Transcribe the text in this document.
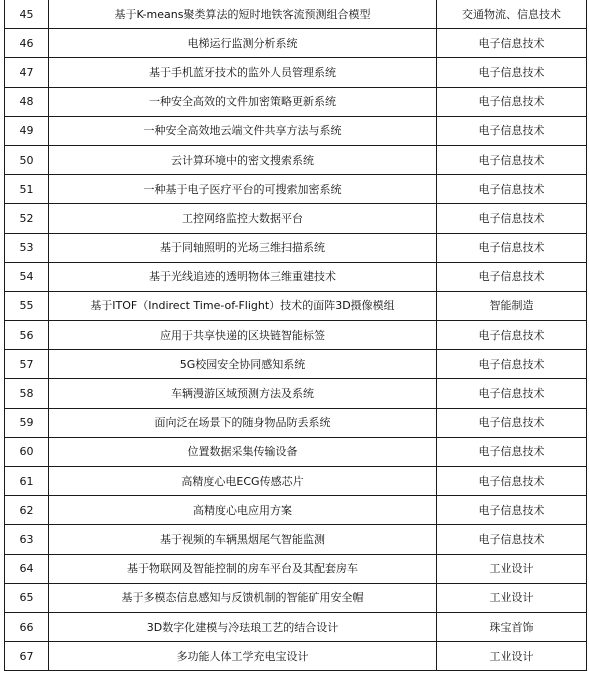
45	基于K-means聚类算法的短时地铁客流预测组合模型	交通物流、信息技术
46	电梯运行监测分析系统	电子信息技术
47	基于手机蓝牙技术的监外人员管理系统	电子信息技术
48	一种安全高效的文件加密策略更新系统	电子信息技术
49	一种安全高效地云端文件共享方法与系统	电子信息技术
50	云计算环境中的密文搜索系统	电子信息技术
51	一种基于电子医疗平台的可搜索加密系统	电子信息技术
52	工控网络监控大数据平台	电子信息技术
53	基于同轴照明的光场三维扫描系统	电子信息技术
54	基于光线追迹的透明物体三维重建技术	电子信息技术
55	基于ITOF（Indirect Time-of-Flight）技术的面阵3D摄像模组	智能制造
56	应用于共享快递的区块链智能标签	电子信息技术
57	5G校园安全协同感知系统	电子信息技术
58	车辆漫游区域预测方法及系统	电子信息技术
59	面向泛在场景下的随身物品防丢系统	电子信息技术
60	位置数据采集传输设备	电子信息技术
61	高精度心电ECG传感芯片	电子信息技术
62	高精度心电应用方案	电子信息技术
63	基于视频的车辆黑烟尾气智能监测	电子信息技术
64	基于物联网及智能控制的房车平台及其配套房车	工业设计
65	基于多模态信息感知与反馈机制的智能矿用安全帽	工业设计
66	3D数字化建模与冷珐琅工艺的结合设计	珠宝首饰
67	多功能人体工学充电宝设计	工业设计
